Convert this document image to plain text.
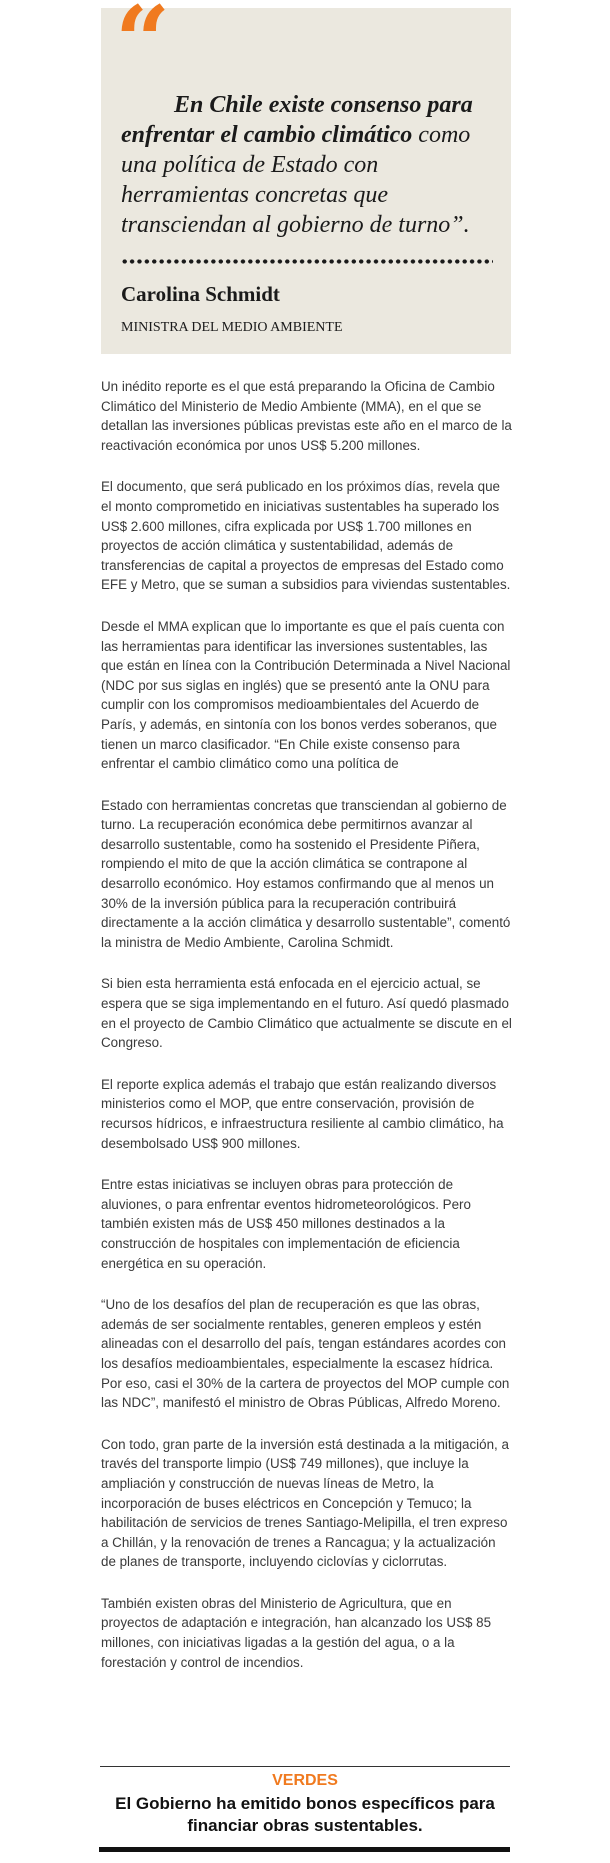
“

En Chile existe consenso para enfrentar el cambio climático como una política de Estado con herramientas concretas que transciendan al gobierno de turno”.

Carolina Schmidt

MINISTRA DEL MEDIO AMBIENTE

Un inédito reporte es el que está preparando la Oficina de Cambio Climático del Ministerio de Medio Ambiente (MMA), en el que se detallan las inversiones públicas previstas este año en el marco de la reactivación económica por unos US$ 5.200 millones.

El documento, que será publicado en los próximos días, revela que el monto comprometido en iniciativas sustentables ha superado los US$ 2.600 millones, cifra explicada por US$ 1.700 millones en proyectos de acción climática y sustentabilidad, además de transferencias de capital a proyectos de empresas del Estado como EFE y Metro, que se suman a subsidios para viviendas sustentables.

Desde el MMA explican que lo importante es que el país cuenta con las herramientas para identificar las inversiones sustentables, las que están en línea con la Contribución Determinada a Nivel Nacional (NDC por sus siglas en inglés) que se presentó ante la ONU para cumplir con los compromisos medioambientales del Acuerdo de París, y además, en sintonía con los bonos verdes soberanos, que tienen un marco clasificador. “En Chile existe consenso para enfrentar el cambio climático como una política de

Estado con herramientas concretas que transciendan al gobierno de turno. La recuperación económica debe permitirnos avanzar al desarrollo sustentable, como ha sostenido el Presidente Piñera, rompiendo el mito de que la acción climática se contrapone al desarrollo económico. Hoy estamos confirmando que al menos un 30% de la inversión pública para la recuperación contribuirá directamente a la acción climática y desarrollo sustentable”, comentó la ministra de Medio Ambiente, Carolina Schmidt.

Si bien esta herramienta está enfocada en el ejercicio actual, se espera que se siga implementando en el futuro. Así quedó plasmado en el proyecto de Cambio Climático que actualmente se discute en el Congreso.

El reporte explica además el trabajo que están realizando diversos ministerios como el MOP, que entre conservación, provisión de recursos hídricos, e infraestructura resiliente al cambio climático, ha desembolsado US$ 900 millones.

Entre estas iniciativas se incluyen obras para protección de aluviones, o para enfrentar eventos hidrometeorológicos. Pero también existen más de US$ 450 millones destinados a la construcción de hospitales con implementación de eficiencia energética en su operación.

“Uno de los desafíos del plan de recuperación es que las obras, además de ser socialmente rentables, generen empleos y estén alineadas con el desarrollo del país, tengan estándares acordes con los desafíos medioambientales, especialmente la escasez hídrica. Por eso, casi el 30% de la cartera de proyectos del MOP cumple con las NDC”, manifestó el ministro de Obras Públicas, Alfredo Moreno.

Con todo, gran parte de la inversión está destinada a la mitigación, a través del transporte limpio (US$ 749 millones), que incluye la ampliación y construcción de nuevas líneas de Metro, la incorporación de buses eléctricos en Concepción y Temuco; la habilitación de servicios de trenes Santiago-Melipilla, el tren expreso a Chillán, y la renovación de trenes a Rancagua; y la actualización de planes de transporte, incluyendo ciclovías y ciclorrutas.

También existen obras del Ministerio de Agricultura, que en proyectos de adaptación e integración, han alcanzado los US$ 85 millones, con iniciativas ligadas a la gestión del agua, o a la forestación y control de incendios.

VERDES

El Gobierno ha emitido bonos específicos para financiar obras sustentables.
